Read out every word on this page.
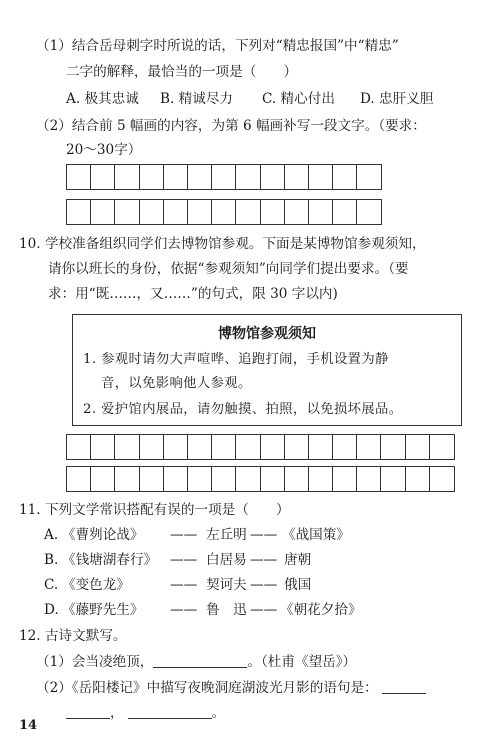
（1）结合岳母刺字时所说的话，下列对“精忠报国”中“精忠”
二字的解释，最恰当的一项是（　　）
A. 极其忠诚 B. 精诚尽力 C. 精心付出 D. 忠肝义胆
（2）结合前 5 幅画的内容，为第 6 幅画补写一段文字。（要求：
20～30字）
10. 学校准备组织同学们去博物馆参观。下面是某博物馆参观须知，
请你以班长的身份，依据“参观须知”向同学们提出要求。（要
求：用“既……，又……”的句式，限 30 字以内)
博物馆参观须知
1. 参观时请勿大声喧哗、追跑打闹，手机设置为静
音，以免影响他人参观。
2. 爱护馆内展品，请勿触摸、拍照，以免损坏展品。
11. 下列文学常识搭配有误的一项是（　　）
A. 《曹刿论战》 —— 左丘明 —— 《战国策》
B. 《钱塘湖春行》 —— 白居易 —— 唐朝
C. 《变色龙》	—— 契诃夫 —— 俄国
D. 《藤野先生》 —— 鲁　迅 —— 《朝花夕拾》
12. 古诗文默写。
（1）会当凌绝顶，	。（杜甫《望岳》）
（2）《岳阳楼记》中描写夜晚洞庭湖波光月影的语句是：
，	。
14
